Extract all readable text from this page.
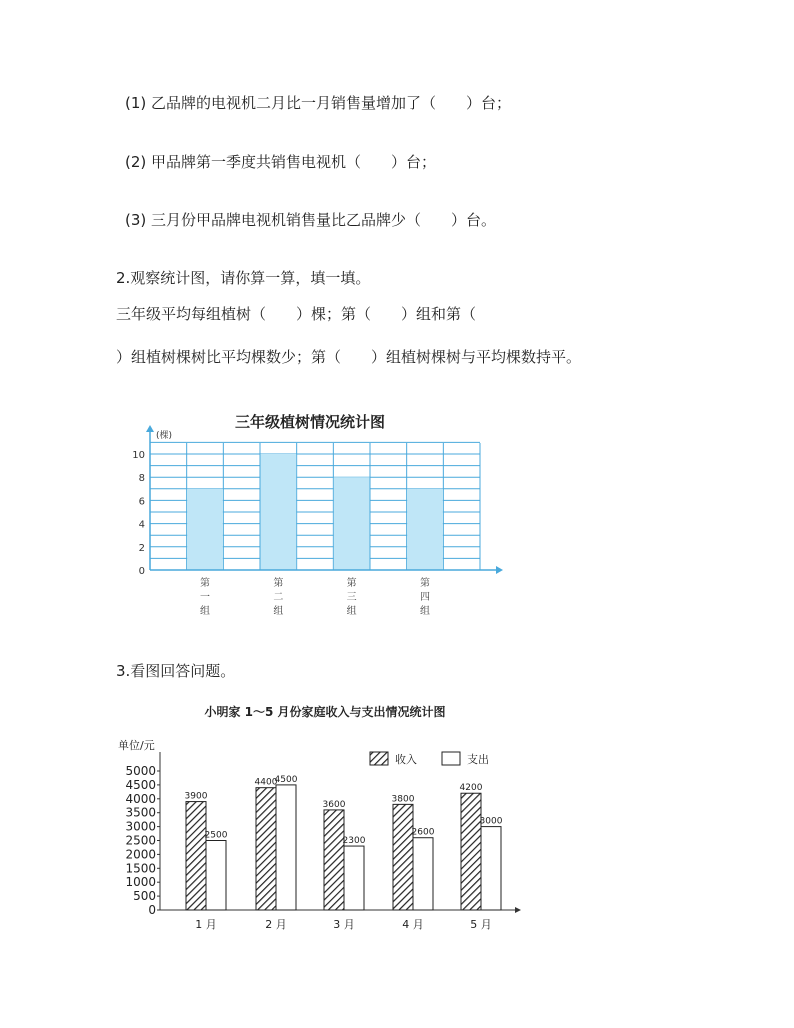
(1) 乙品牌的电视机二月比一月销售量增加了（　　）台；
(2) 甲品牌第一季度共销售电视机（　　）台；
(3) 三月份甲品牌电视机销售量比乙品牌少（　　）台。
2.观察统计图，请你算一算，填一填。
三年级平均每组植树（　　）棵；第（　　）组和第（
）组植树棵树比平均棵数少；第（　　）组植树棵树与平均棵数持平。
三年级植树情况统计图
第
一
组
第
二
组
第
三
组
第
四
组
0
2
4
6
8
10
(棵)
3.看图回答问题。
小明家 1～5 月份家庭收入与支出情况统计图
0
500
1000
1500
2000
2500
3000
3500
4000
4500
5000
单位/元
3900
2500
1 月
4400
4500
2 月
3600
2300
3 月
3800
2600
4 月
4200
3000
5 月
收入	支出
